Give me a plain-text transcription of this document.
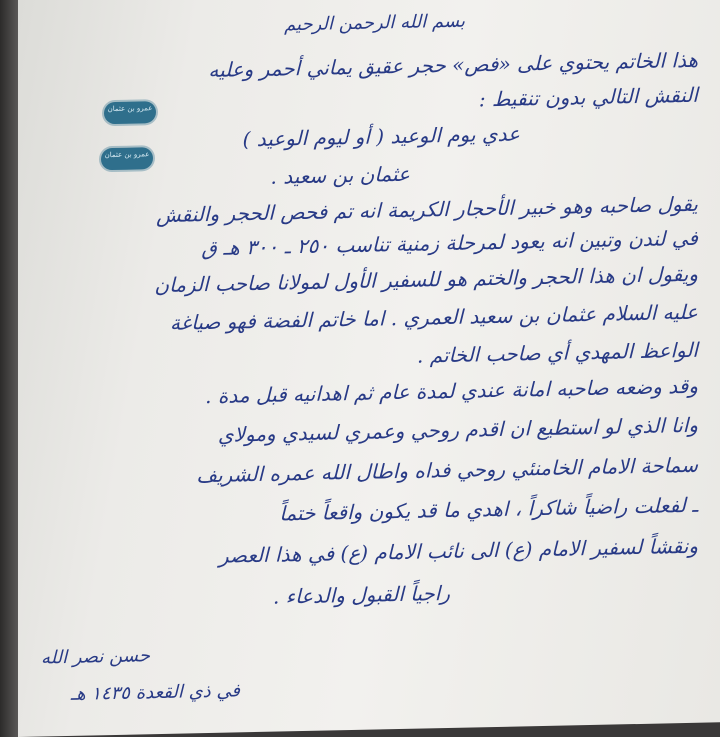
بسم الله الرحمن الرحيم
هذا الخاتم يحتوي على «فص» حجر عقيق يماني أحمر وعليه
النقش التالي بدون تنقيط :
عدي يوم الوعيد ( أو ليوم الوعيد )
عثمان بن سعيد .
يقول صاحبه وهو خبير الأحجار الكريمة انه تم فحص الحجر والنقش
في لندن وتبين انه يعود لمرحلة زمنية تناسب ٢٥٠ ـ ٣٠٠ هـ ق
ويقول ان هذا الحجر والختم هو للسفير الأول لمولانا صاحب الزمان
عليه السلام عثمان بن سعيد العمري . اما خاتم الفضة فهو صياغة
الواعظ المهدي أي صاحب الخاتم .
وقد وضعه صاحبه امانة عندي لمدة عام ثم اهدانيه قبل مدة .
وانا الذي لو استطيع ان اقدم روحي وعمري لسيدي ومولاي
سماحة الامام الخامنئي روحي فداه واطال الله عمره الشريف
ـ لفعلت راضياً شاكراً ، اهدي ما قد يكون واقعاً ختماً
ونقشاً لسفير الامام (ع) الى نائب الامام (ع) في هذا العصر
راجياً القبول والدعاء .
حسن نصر الله
في ذي القعدة ١٤٣٥ هـ
عمرو بن عثمان
عمرو بن عثمان
